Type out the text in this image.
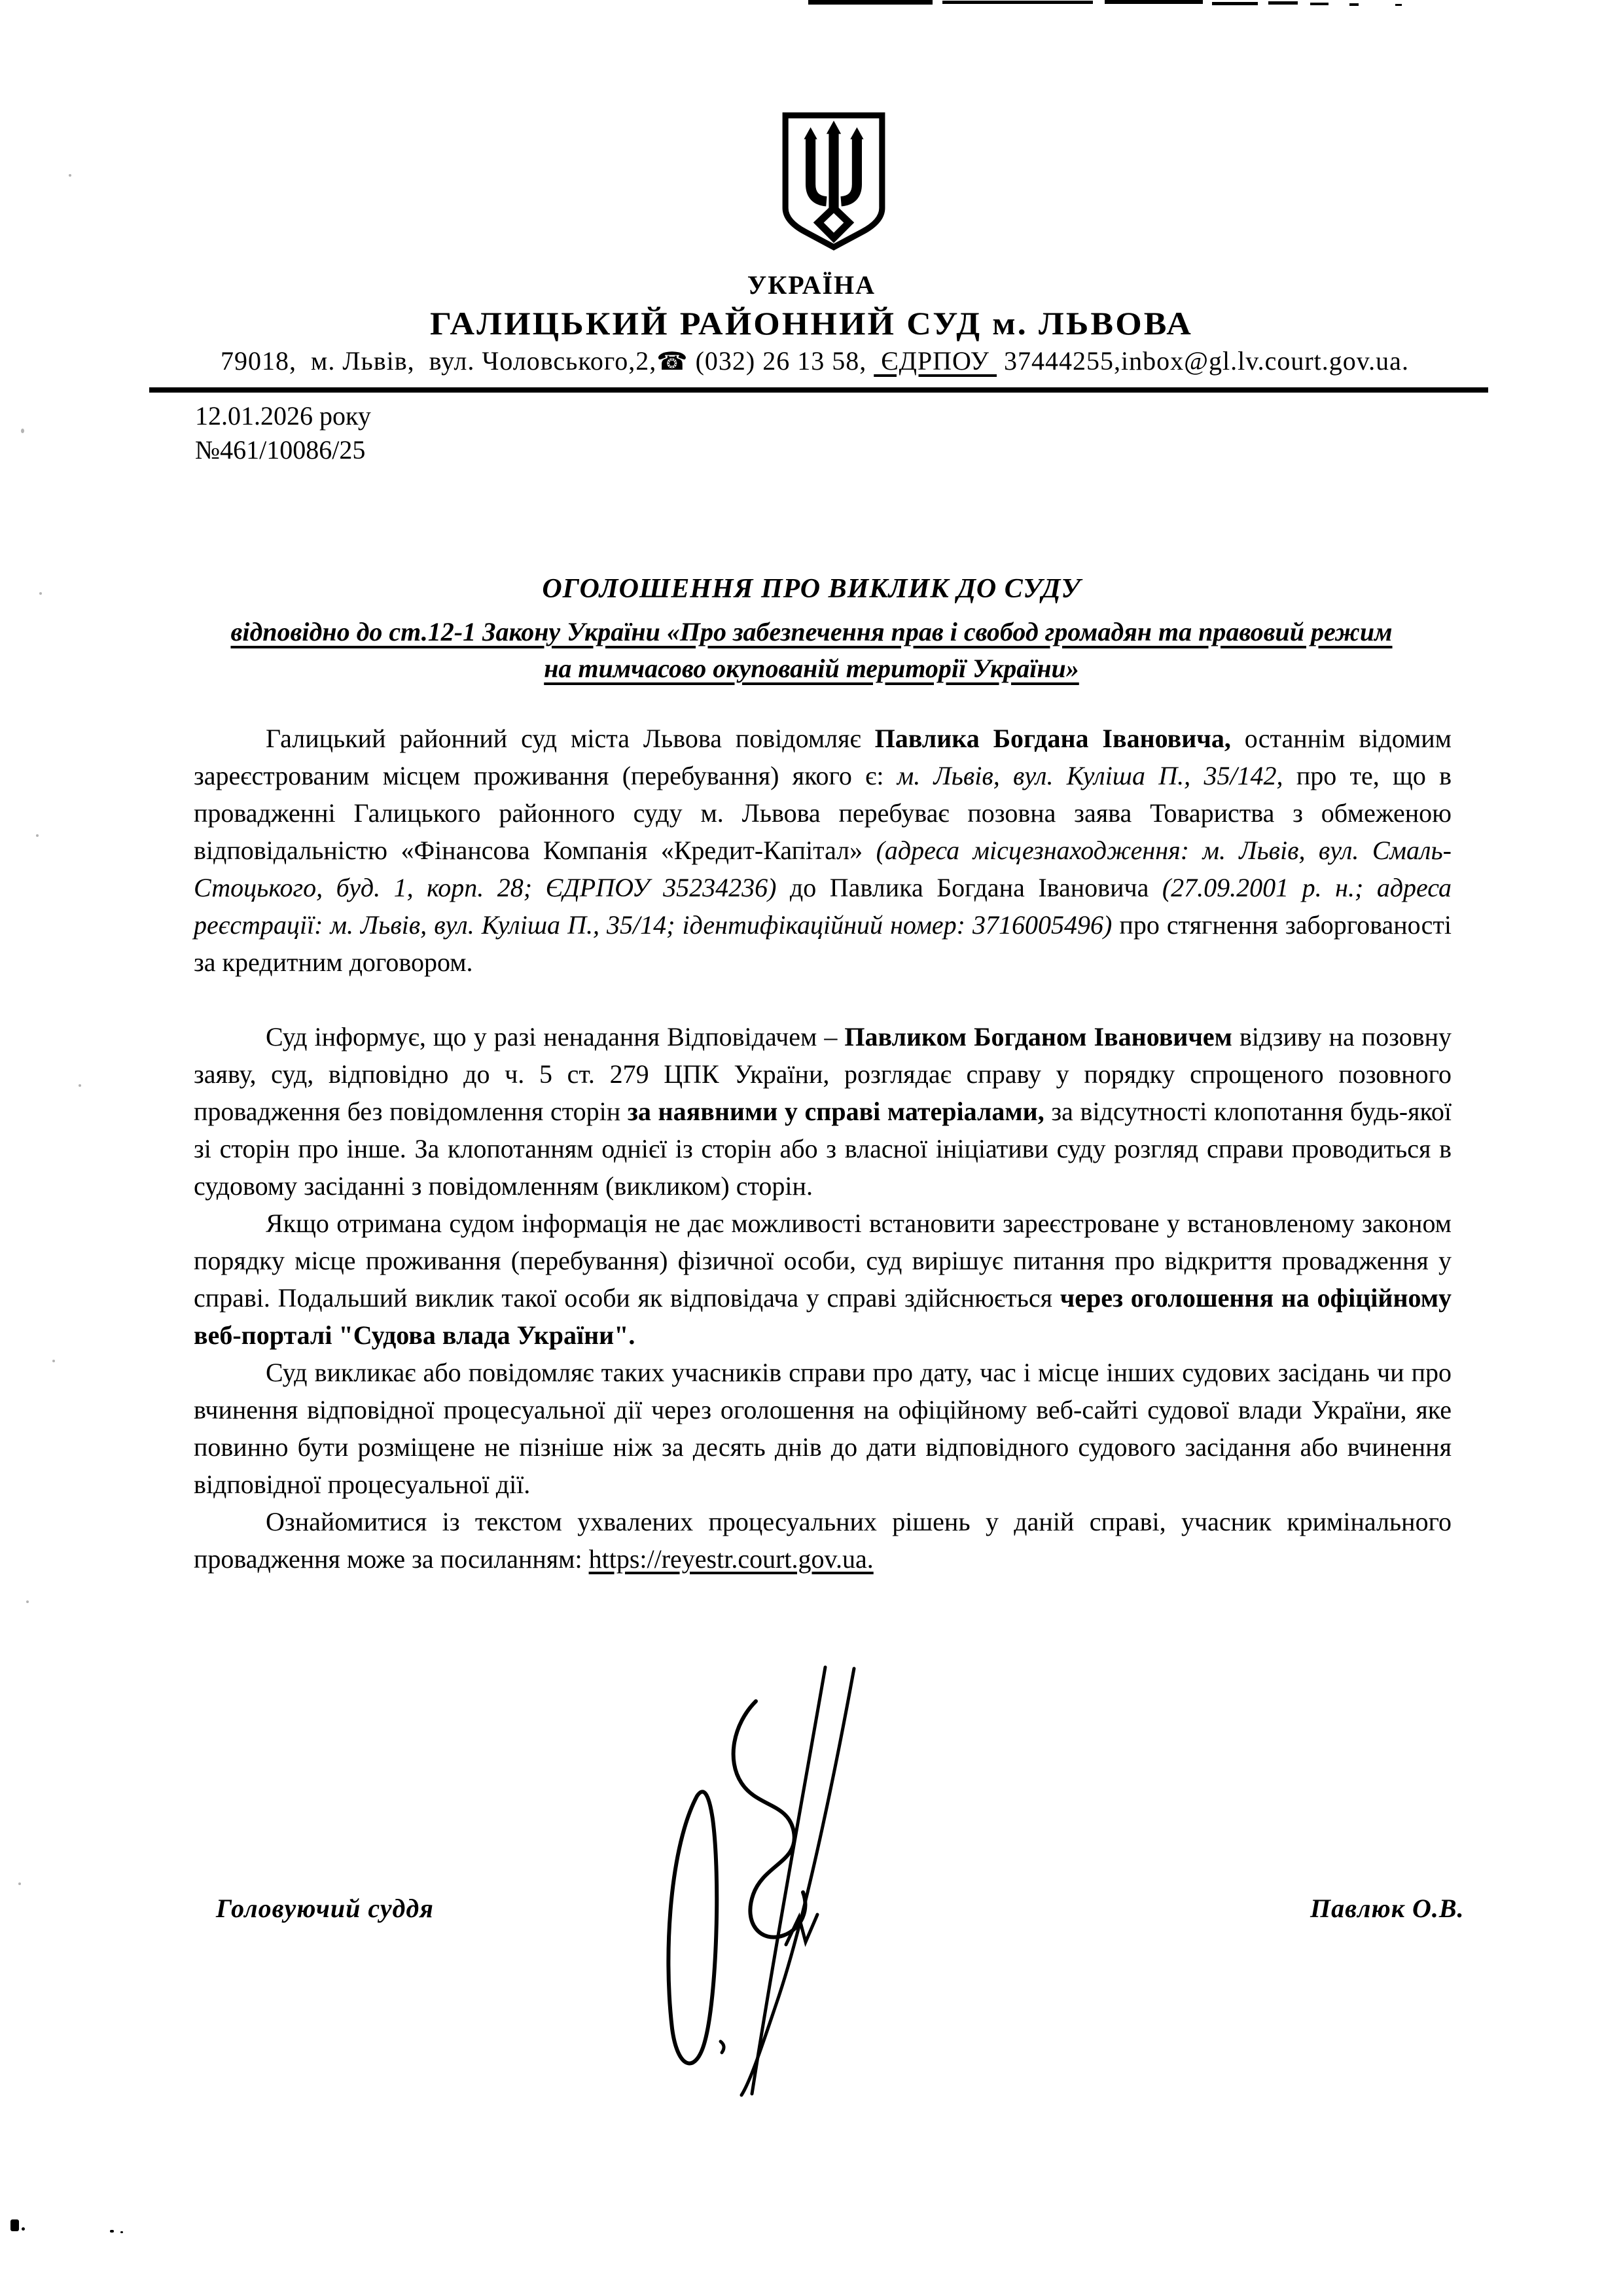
УКРАЇНА
ГАЛИЦЬКИЙ РАЙОННИЙ СУД м. ЛЬВОВА
79018,  м. Львів,  вул. Чоловського,2,☎ (032) 26 13 58,  ЄДРПОУ  37444255,inbox@gl.lv.court.gov.ua.
12.01.2026 року
№461/10086/25
ОГОЛОШЕННЯ ПРО ВИКЛИК ДО СУДУ
відповідно до ст.12-1 Закону України «Про забезпечення прав і свобод громадян та правовий режим на тимчасово окупованій території України»

Галицький районний суд міста Львова повідомляє Павлика Богдана Івановича, останнім відомим зареєстрованим місцем проживання (перебування) якого є: м. Львів, вул. Куліша П., 35/142, про те, що в провадженні Галицького районного суду м. Львова перебуває позовна заява Товариства з обмеженою відповідальністю «Фінансова Компанія «Кредит-Капітал» (адреса місцезнаходження: м. Львів, вул. Смаль-Стоцького, буд. 1, корп. 28; ЄДРПОУ 35234236) до Павлика Богдана Івановича (27.09.2001 р. н.; адреса реєстрації: м. Львів, вул. Куліша П., 35/14; ідентифікаційний номер: 3716005496) про стягнення заборгованості за кредитним договором.

Суд інформує, що у разі ненадання Відповідачем – Павликом Богданом Івановичем відзиву на позовну заяву, суд, відповідно до ч. 5 ст. 279 ЦПК України, розглядає справу у порядку спрощеного позовного провадження без повідомлення сторін за наявними у справі матеріалами, за відсутності клопотання будь-якої зі сторін про інше. За клопотанням однієї із сторін або з власної ініціативи суду розгляд справи проводиться в судовому засіданні з повідомленням (викликом) сторін.

Якщо отримана судом інформація не дає можливості встановити зареєстроване у встановленому законом порядку місце проживання (перебування) фізичної особи, суд вирішує питання про відкриття провадження у справі. Подальший виклик такої особи як відповідача у справі здійснюється через оголошення на офіційному веб-порталі "Судова влада України".

Суд викликає або повідомляє таких учасників справи про дату, час і місце інших судових засідань чи про вчинення відповідної процесуальної дії через оголошення на офіційному веб-сайті судової влади України, яке повинно бути розміщене не пізніше ніж за десять днів до дати відповідного судового засідання або вчинення відповідної процесуальної дії.

Ознайомитися із текстом ухвалених процесуальних рішень у даній справі, учасник кримінального провадження може за посиланням: https://reyestr.court.gov.ua.

Головуючий суддя	Павлюк О.В.
